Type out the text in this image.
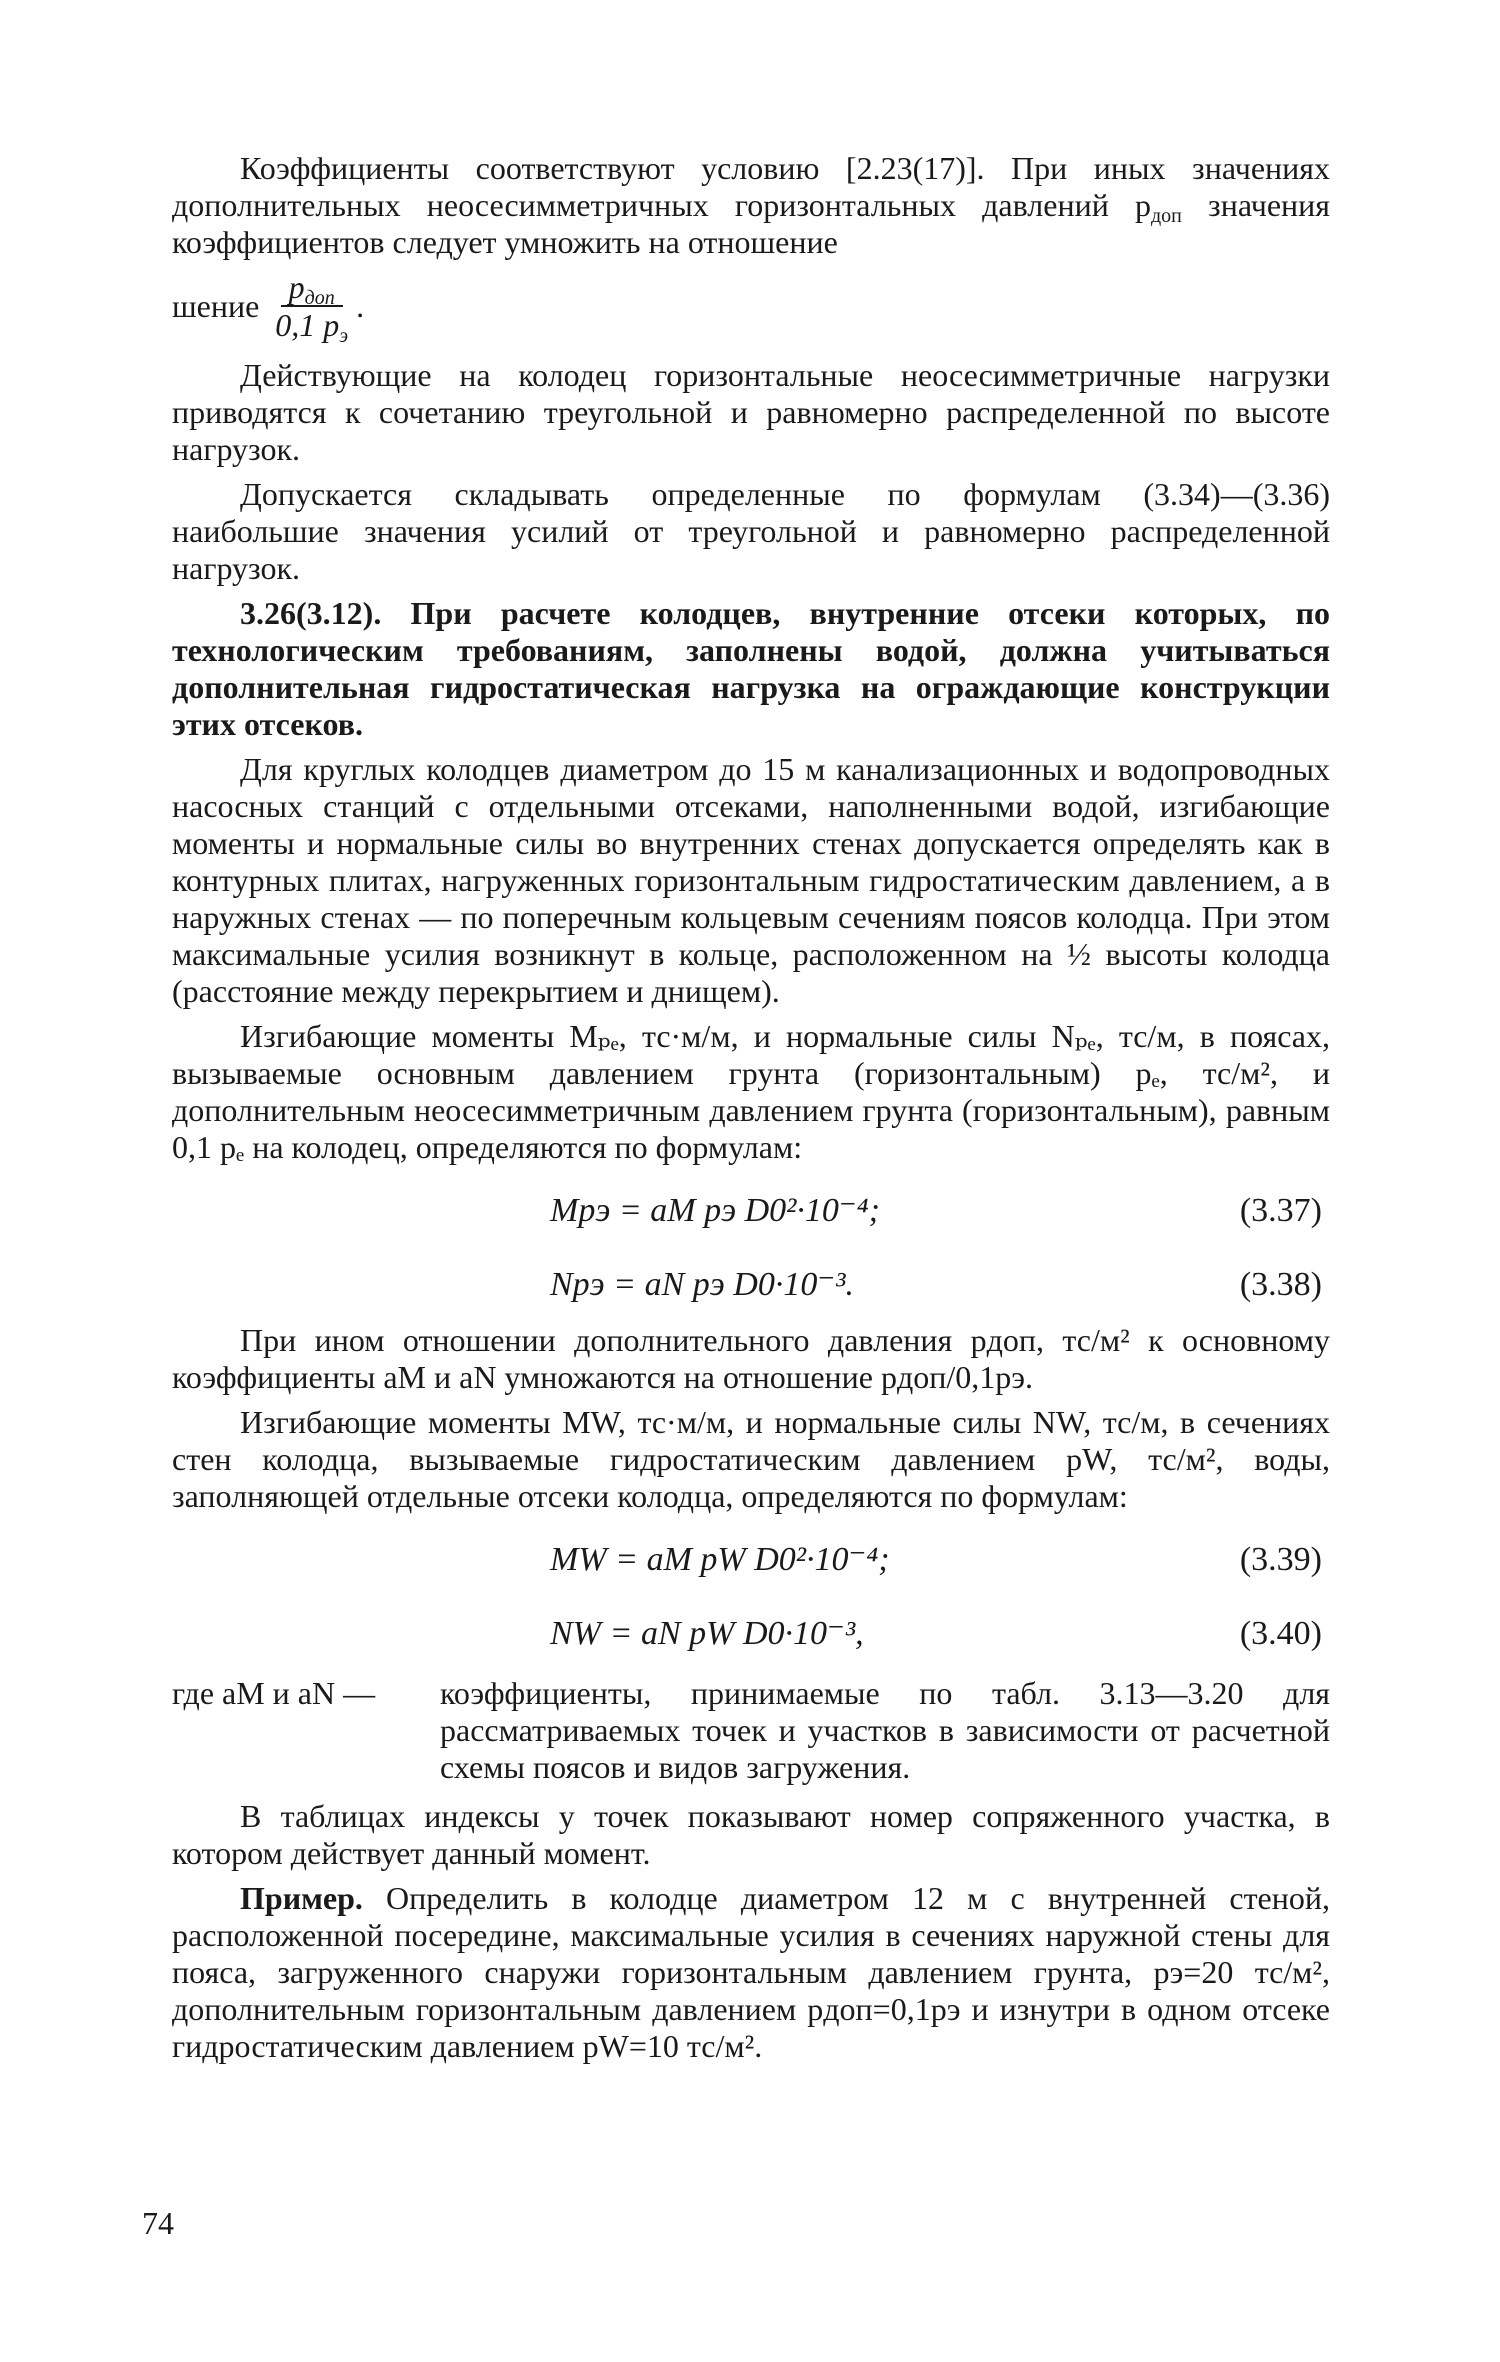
Коэффициенты соответствуют условию [2.23(17)]. При иных значениях дополнительных неосесимметричных горизонтальных давлений $p_{доп}$ значения коэффициентов следует умножить на отношение

шение $\frac{p_{доп}}{0,1 p_э}$ .

Действующие на колодец горизонтальные неосесимметричные нагрузки приводятся к сочетанию треугольной и равномерно распределенной по высоте нагрузок.

Допускается складывать определенные по формулам (3.34)—(3.36) наибольшие значения усилий от треугольной и равномерно распределенной нагрузок.

3.26(3.12). При расчете колодцев, внутренние отсеки которых, по технологическим требованиям, заполнены водой, должна учитываться дополнительная гидростатическая нагрузка на ограждающие конструкции этих отсеков.

Для круглых колодцев диаметром до 15 м канализационных и водопроводных насосных станций с отдельными отсеками, наполненными водой, изгибающие моменты и нормальные силы во внутренних стенах допускается определять как в контурных плитах, нагруженных горизонтальным гидростатическим давлением, а в наружных стенах — по поперечным кольцевым сечениям поясов колодца. При этом максимальные усилия возникнут в кольце, расположенном на ½ высоты колодца (расстояние между перекрытием и днищем).

Изгибающие моменты Mₚₑ, тс·м/м, и нормальные силы Nₚₑ, тс/м, в поясах, вызываемые основным давлением грунта (горизонтальным) pₑ, тс/м², и дополнительным неосесимметричным давлением грунта (горизонтальным), равным 0,1 pₑ на колодец, определяются по формулам:

Mpэ = aM pэ D0²·10⁻⁴;	(3.37)
Npэ = aN pэ D0·10⁻³.	(3.38)

При ином отношении дополнительного давления pдоп, тс/м² к основному коэффициенты aM и aN умножаются на отношение pдоп/0,1pэ.

Изгибающие моменты MW, тс·м/м, и нормальные силы NW, тс/м, в сечениях стен колодца, вызываемые гидростатическим давлением pW, тс/м², воды, заполняющей отдельные отсеки колодца, определяются по формулам:

MW = aM pW D0²·10⁻⁴;	(3.39)
NW = aN pW D0·10⁻³,	(3.40)
где aM и aN —	коэффициенты, принимаемые по табл. 3.13—3.20 для рассматриваемых точек и участков в зависимости от расчетной схемы поясов и видов загружения.

В таблицах индексы у точек показывают номер сопряженного участка, в котором действует данный момент.

Пример. Определить в колодце диаметром 12 м с внутренней стеной, расположенной посередине, максимальные усилия в сечениях наружной стены для пояса, загруженного снаружи горизонтальным давлением грунта, pэ=20 тс/м², дополнительным горизонтальным давлением pдоп=0,1pэ и изнутри в одном отсеке гидростатическим давлением pW=10 тс/м².

74
